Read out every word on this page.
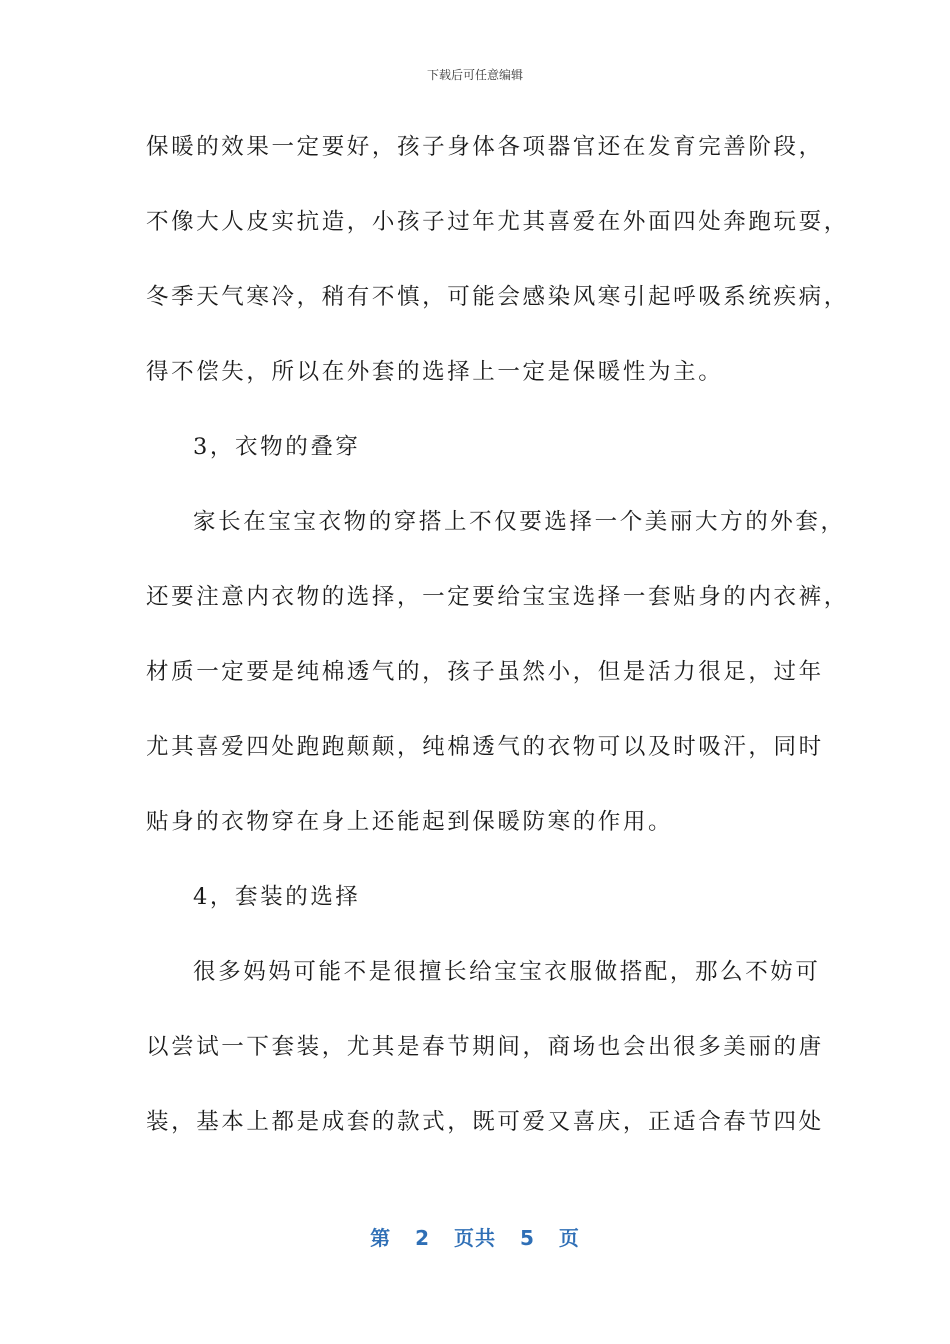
下载后可任意编辑
保暖的效果一定要好，孩子身体各项器官还在发育完善阶段，
不像大人皮实抗造，小孩子过年尤其喜爱在外面四处奔跑玩耍，
冬季天气寒冷，稍有不慎，可能会感染风寒引起呼吸系统疾病，
得不偿失，所以在外套的选择上一定是保暖性为主。
3，衣物的叠穿
家长在宝宝衣物的穿搭上不仅要选择一个美丽大方的外套，
还要注意内衣物的选择，一定要给宝宝选择一套贴身的内衣裤，
材质一定要是纯棉透气的，孩子虽然小，但是活力很足，过年
尤其喜爱四处跑跑颠颠，纯棉透气的衣物可以及时吸汗，同时
贴身的衣物穿在身上还能起到保暖防寒的作用。
4，套装的选择
很多妈妈可能不是很擅长给宝宝衣服做搭配，那么不妨可
以尝试一下套装，尤其是春节期间，商场也会出很多美丽的唐
装，基本上都是成套的款式，既可爱又喜庆，正适合春节四处
第 2 页共 5 页
